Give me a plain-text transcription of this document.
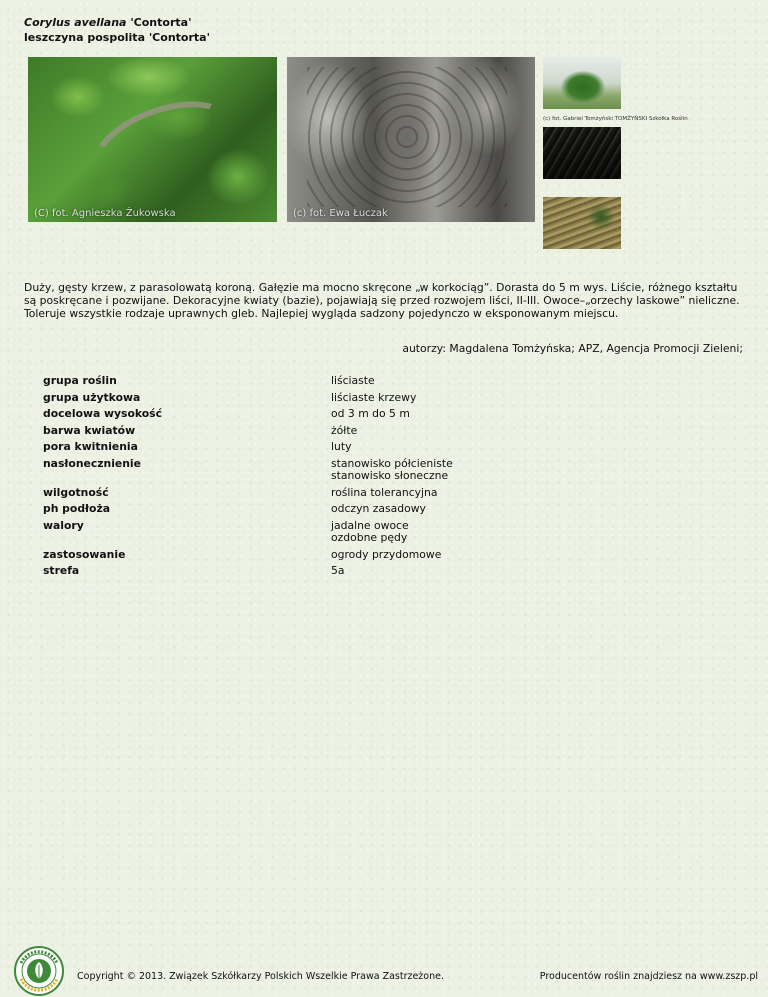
Corylus avellana 'Contorta'
leszczyna pospolita 'Contorta'
(C) fot. Agnieszka Żukowska	(c) fot. Ewa Łuczak
(c) fot. Gabriel Tomżyński TOMŻYŃSKI Szkółka Roślin
Duży, gęsty krzew, z parasolowatą koroną. Gałęzie ma mocno skręcone „w korkociąg”. Dorasta do 5 m wys. Liście, różnego kształtu są poskręcane i pozwijane. Dekoracyjne kwiaty (bazie), pojawiają się przed rozwojem liści, II-III. Owoce–„orzechy laskowe” nieliczne. Toleruje wszystkie rodzaje uprawnych gleb. Najlepiej wygląda sadzony pojedynczo w eksponowanym miejscu.
autorzy: Magdalena Tomżyńska; APZ, Agencja Promocji Zieleni;
grupa roślin	liściaste
grupa użytkowa	liściaste krzewy
docelowa wysokość	od 3 m do 5 m
barwa kwiatów	żółte
pora kwitnienia	luty
nasłonecznienie	stanowisko półcieniste
stanowisko słoneczne
wilgotność	roślina tolerancyjna
ph podłoża	odczyn zasadowy
walory	jadalne owoce
ozdobne pędy
zastosowanie	ogrody przydomowe
strefa	5a
Copyright © 2013. Związek Szkółkarzy Polskich Wszelkie Prawa Zastrzeżone.	Producentów roślin znajdziesz na www.zszp.pl
